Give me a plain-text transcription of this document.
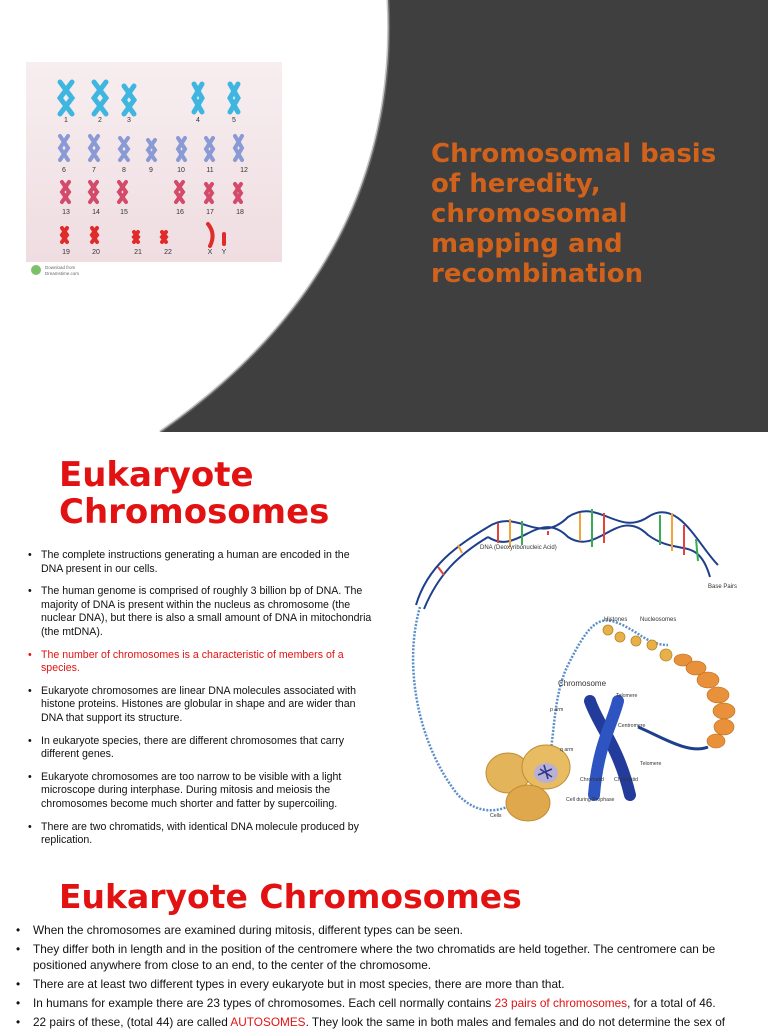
1	2	3	4	5
6	7	8	9	10	11	12
13	14	15	16	17	18
19	20	21	22	X Y
Download from
Dreamstime.com
Chromosomal basis of heredity, chromosomal mapping and recombination
Eukaryote Chromosomes
• The complete instructions generating a human are encoded in the DNA present in our cells.
• The human genome is comprised of roughly 3 billion bp of DNA. The majority of DNA is present within the nucleus as chromosome (the nuclear DNA), but there is also a small amount of DNA in mitochondria (the mtDNA).
• The number of chromosomes is a characteristic of members of a species.
• Eukaryote chromosomes are linear DNA molecules associated with histone proteins. Histones are globular in shape and are wider than DNA that support its structure.
• In eukaryote species, there are different chromosomes that carry different genes.
• Eukaryote chromosomes are too narrow to be visible with a light microscope during interphase. During mitosis and meiosis the chromosomes become much shorter and fatter by supercoiling.
• There are two chromatids, with identical DNA molecule produced by replication.
DNA (Deoxyribonucleic Acid)
Base Pairs
Histones Nucleosomes
Chromosome
Telomere
p arm
Centromere
q arm
Telomere
Chromatid Chromatid
Cell during Prophase
Cells
Eukaryote Chromosomes
• When the chromosomes are examined during mitosis, different types can be seen.
• They differ both in length and in the position of the centromere where the two chromatids are held together. The centromere can be positioned anywhere from close to an end, to the center of the chromosome.
• There are at least two different types in every eukaryote but in most species, there are more than that.
• In humans for example there are 23 types of chromosomes. Each cell normally contains 23 pairs of chromosomes, for a total of 46.
• 22 pairs of these, (total 44) are called AUTOSOMES. They look the same in both males and females and do not determine the sex of
